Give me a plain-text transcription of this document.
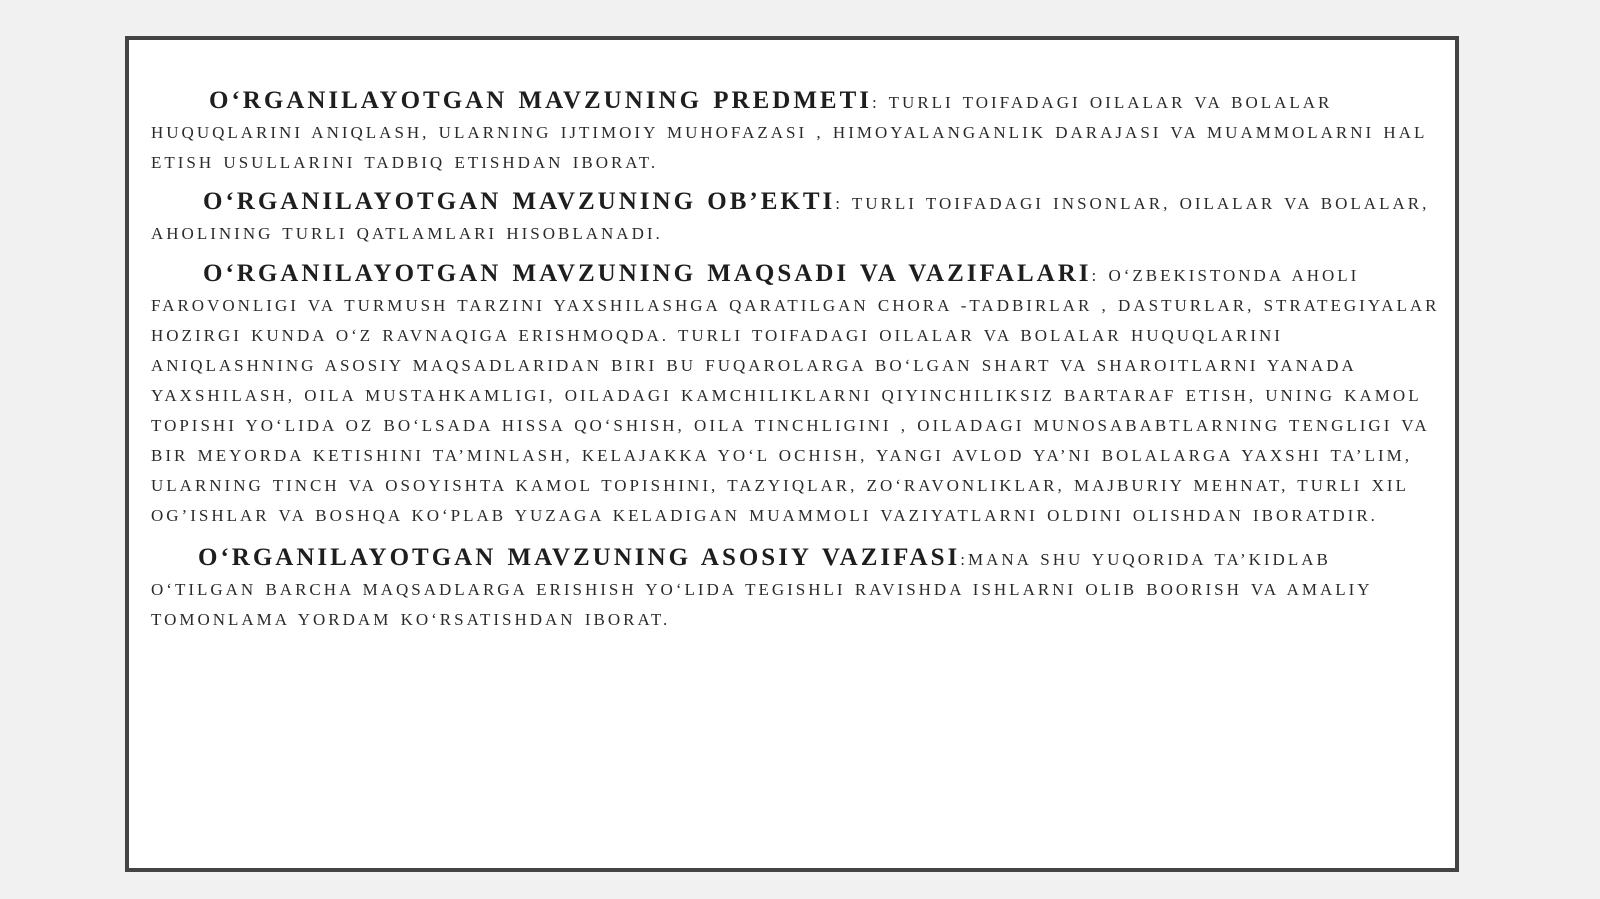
O‘RGANILAYOTGAN MAVZUNING PREDMETI: TURLI TOIFADAGI OILALAR VA BOLALAR HUQUQLARINI ANIQLASH, ULARNING IJTIMOIY MUHOFAZASI , HIMOYALANGANLIK DARAJASI VA MUAMMOLARNI HAL ETISH USULLARINI TADBIQ ETISHDAN IBORAT.

O‘RGANILAYOTGAN MAVZUNING OB’EKTI: TURLI TOIFADAGI INSONLAR, OILALAR VA BOLALAR, AHOLINING TURLI QATLAMLARI HISOBLANADI.

O‘RGANILAYOTGAN MAVZUNING MAQSADI VA VAZIFALARI: O‘ZBEKISTONDA AHOLI FAROVONLIGI VA TURMUSH TARZINI YAXSHILASHGA QARATILGAN CHORA -TADBIRLAR , DASTURLAR, STRATEGIYALAR HOZIRGI KUNDA O‘Z RAVNAQIGA ERISHMOQDA. TURLI TOIFADAGI OILALAR VA BOLALAR HUQUQLARINI ANIQLASHNING ASOSIY MAQSADLARIDAN BIRI BU FUQAROLARGA BO‘LGAN SHART VA SHAROITLARNI YANADA YAXSHILASH, OILA MUSTAHKAMLIGI, OILADAGI KAMCHILIKLARNI QIYINCHILIKSIZ BARTARAF ETISH, UNING KAMOL TOPISHI YO‘LIDA OZ BO‘LSADA HISSA QO‘SHISH, OILA TINCHLIGINI , OILADAGI MUNOSABABTLARNING TENGLIGI VA BIR MEYORDA KETISHINI TA’MINLASH, KELAJAKKA YO‘L OCHISH, YANGI AVLOD YA’NI BOLALARGA YAXSHI TA’LIM, ULARNING TINCH VA OSOYISHTA KAMOL TOPISHINI, TAZYIQLAR, ZO‘RAVONLIKLAR, MAJBURIY MEHNAT, TURLI XIL OG’ISHLAR VA BOSHQA KO‘PLAB YUZAGA KELADIGAN MUAMMOLI VAZIYATLARNI OLDINI OLISHDAN IBORATDIR.

O‘RGANILAYOTGAN MAVZUNING ASOSIY VAZIFASI:MANA SHU YUQORIDA TA’KIDLAB O‘TILGAN BARCHA MAQSADLARGA ERISHISH YO‘LIDA TEGISHLI RAVISHDA ISHLARNI OLIB BOORISH VA AMALIY TOMONLAMA YORDAM KO‘RSATISHDAN IBORAT.
